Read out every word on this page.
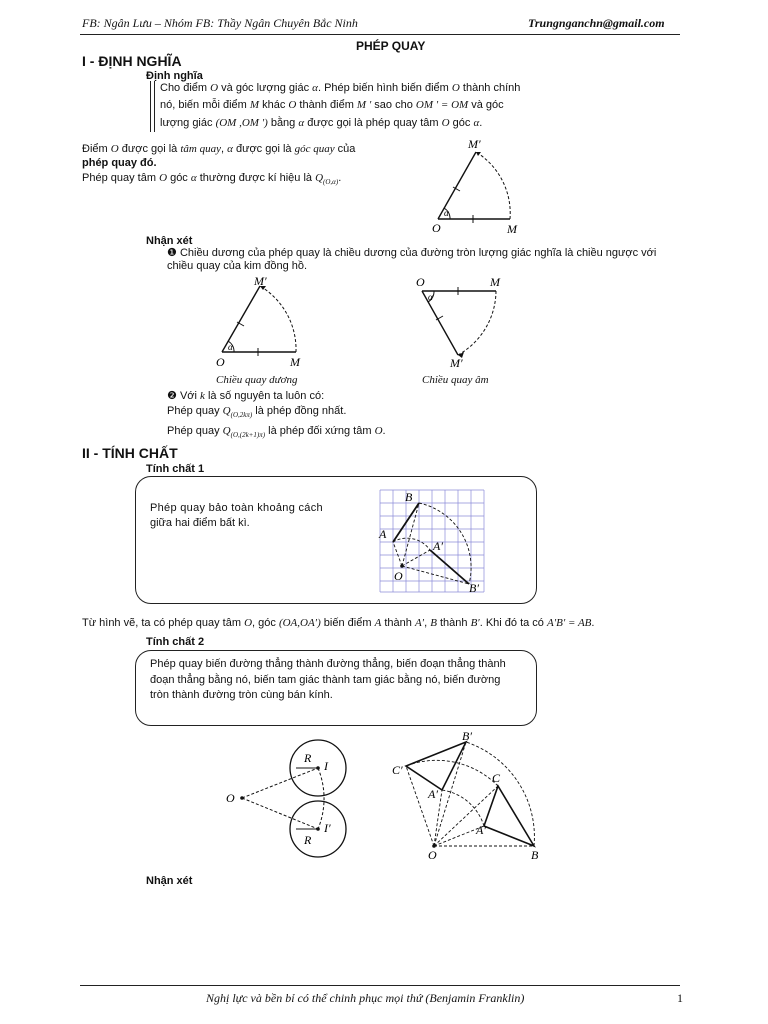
FB: Ngân Lưu – Nhóm FB: Thầy Ngân Chuyên Bắc Ninh	Trungnganchn@gmail.com
PHÉP QUAY
I - ĐỊNH NGHĨA
Định nghĩa
Cho điểm O và góc lượng giác α. Phép biến hình biến điểm O thành chính
nó, biến mỗi điểm M khác O thành điểm M ′ sao cho OM ′ = OM và góc
lượng giác (OM ,OM ′) bằng α được gọi là phép quay tâm O góc α.
Điểm O được gọi là tâm quay, α được gọi là góc quay của
phép quay đó.
Phép quay tâm O góc α thường được kí hiệu là $Q_{(O,\alpha)}$.
α
O	M
M′
Nhận xét
❶ Chiều dương của phép quay là chiều dương của đường tròn lượng giác nghĩa là chiều ngược với
chiều quay của kim đồng hồ.
α
O	M
M′
Chiều quay dương
α
O	M
M′
Chiều quay âm
❷ Với k là số nguyên ta luôn có:
Phép quay $Q_{(O,2k\pi)}$ là phép đồng nhất.
Phép quay $Q_{(O,(2k+1)\pi)}$ là phép đối xứng tâm O.
II - TÍNH CHẤT
Tính chất 1
Phép quay bảo toàn khoảng cách
giữa hai điểm bất kì.
B
A
A′
O
B′
Từ hình vẽ, ta có phép quay tâm O, góc (OA,OA′) biến điểm A thành A′, B thành B′. Khi đó ta có A′B′ = AB.
Tính chất 2
Phép quay biến đường thẳng thành đường thẳng, biến đoạn thẳng thành
đoạn thẳng bằng nó, biến tam giác thành tam giác bằng nó, biến đường
tròn thành đường tròn cùng bán kính.
O
R
I
R
I′
O	B
C
A′
B′
C′
A′
Nhận xét
Nghị lực và bền bỉ có thể chinh phục mọi thứ (Benjamin Franklin)	1
